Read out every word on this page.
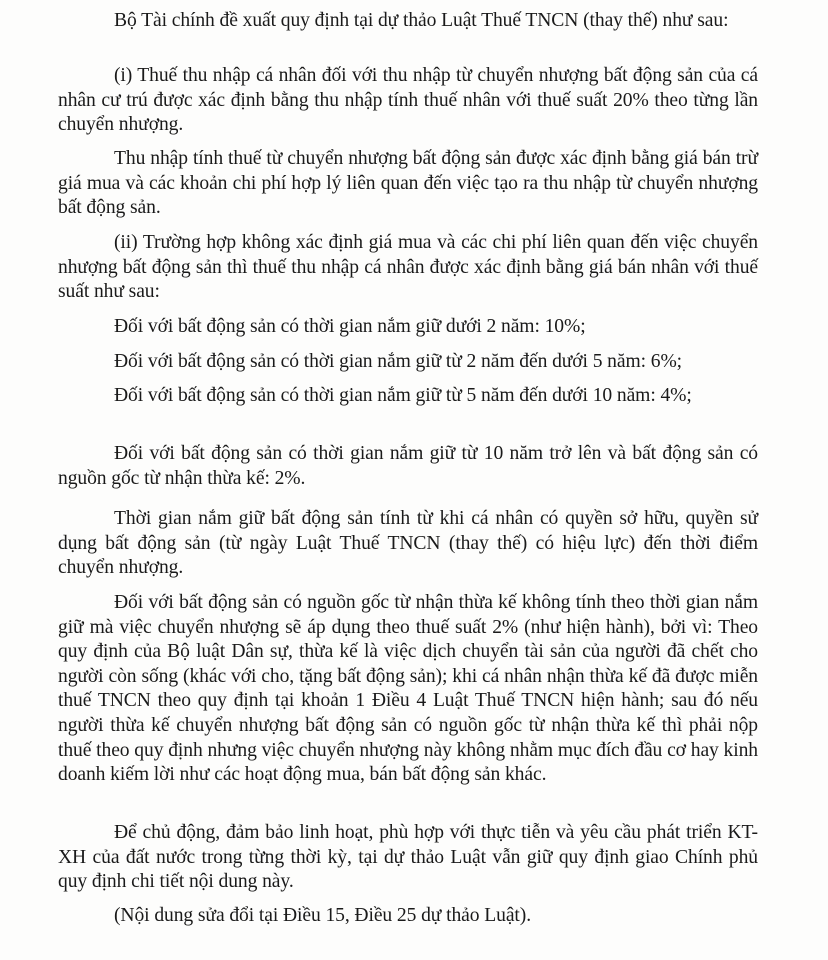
Bộ Tài chính đề xuất quy định tại dự thảo Luật Thuế TNCN (thay thế) như sau:

(i) Thuế thu nhập cá nhân đối với thu nhập từ chuyển nhượng bất động sản của cá nhân cư trú được xác định bằng thu nhập tính thuế nhân với thuế suất 20% theo từng lần chuyển nhượng.

Thu nhập tính thuế từ chuyển nhượng bất động sản được xác định bằng giá bán trừ giá mua và các khoản chi phí hợp lý liên quan đến việc tạo ra thu nhập từ chuyển nhượng bất động sản.

(ii) Trường hợp không xác định giá mua và các chi phí liên quan đến việc chuyển nhượng bất động sản thì thuế thu nhập cá nhân được xác định bằng giá bán nhân với thuế suất như sau:

Đối với bất động sản có thời gian nắm giữ dưới 2 năm: 10%;

Đối với bất động sản có thời gian nắm giữ từ 2 năm đến dưới 5 năm: 6%;

Đối với bất động sản có thời gian nắm giữ từ 5 năm đến dưới 10 năm: 4%;

Đối với bất động sản có thời gian nắm giữ từ 10 năm trở lên và bất động sản có nguồn gốc từ nhận thừa kế: 2%.

Thời gian nắm giữ bất động sản tính từ khi cá nhân có quyền sở hữu, quyền sử dụng bất động sản (từ ngày Luật Thuế TNCN (thay thế) có hiệu lực) đến thời điểm chuyển nhượng.

Đối với bất động sản có nguồn gốc từ nhận thừa kế không tính theo thời gian nắm giữ mà việc chuyển nhượng sẽ áp dụng theo thuế suất 2% (như hiện hành), bởi vì: Theo quy định của Bộ luật Dân sự, thừa kế là việc dịch chuyển tài sản của người đã chết cho người còn sống (khác với cho, tặng bất động sản); khi cá nhân nhận thừa kế đã được miễn thuế TNCN theo quy định tại khoản 1 Điều 4 Luật Thuế TNCN hiện hành; sau đó nếu người thừa kế chuyển nhượng bất động sản có nguồn gốc từ nhận thừa kế thì phải nộp thuế theo quy định nhưng việc chuyển nhượng này không nhằm mục đích đầu cơ hay kinh doanh kiếm lời như các hoạt động mua, bán bất động sản khác.

Để chủ động, đảm bảo linh hoạt, phù hợp với thực tiễn và yêu cầu phát triển KT-XH của đất nước trong từng thời kỳ, tại dự thảo Luật vẫn giữ quy định giao Chính phủ quy định chi tiết nội dung này.

(Nội dung sửa đổi tại Điều 15, Điều 25 dự thảo Luật).
